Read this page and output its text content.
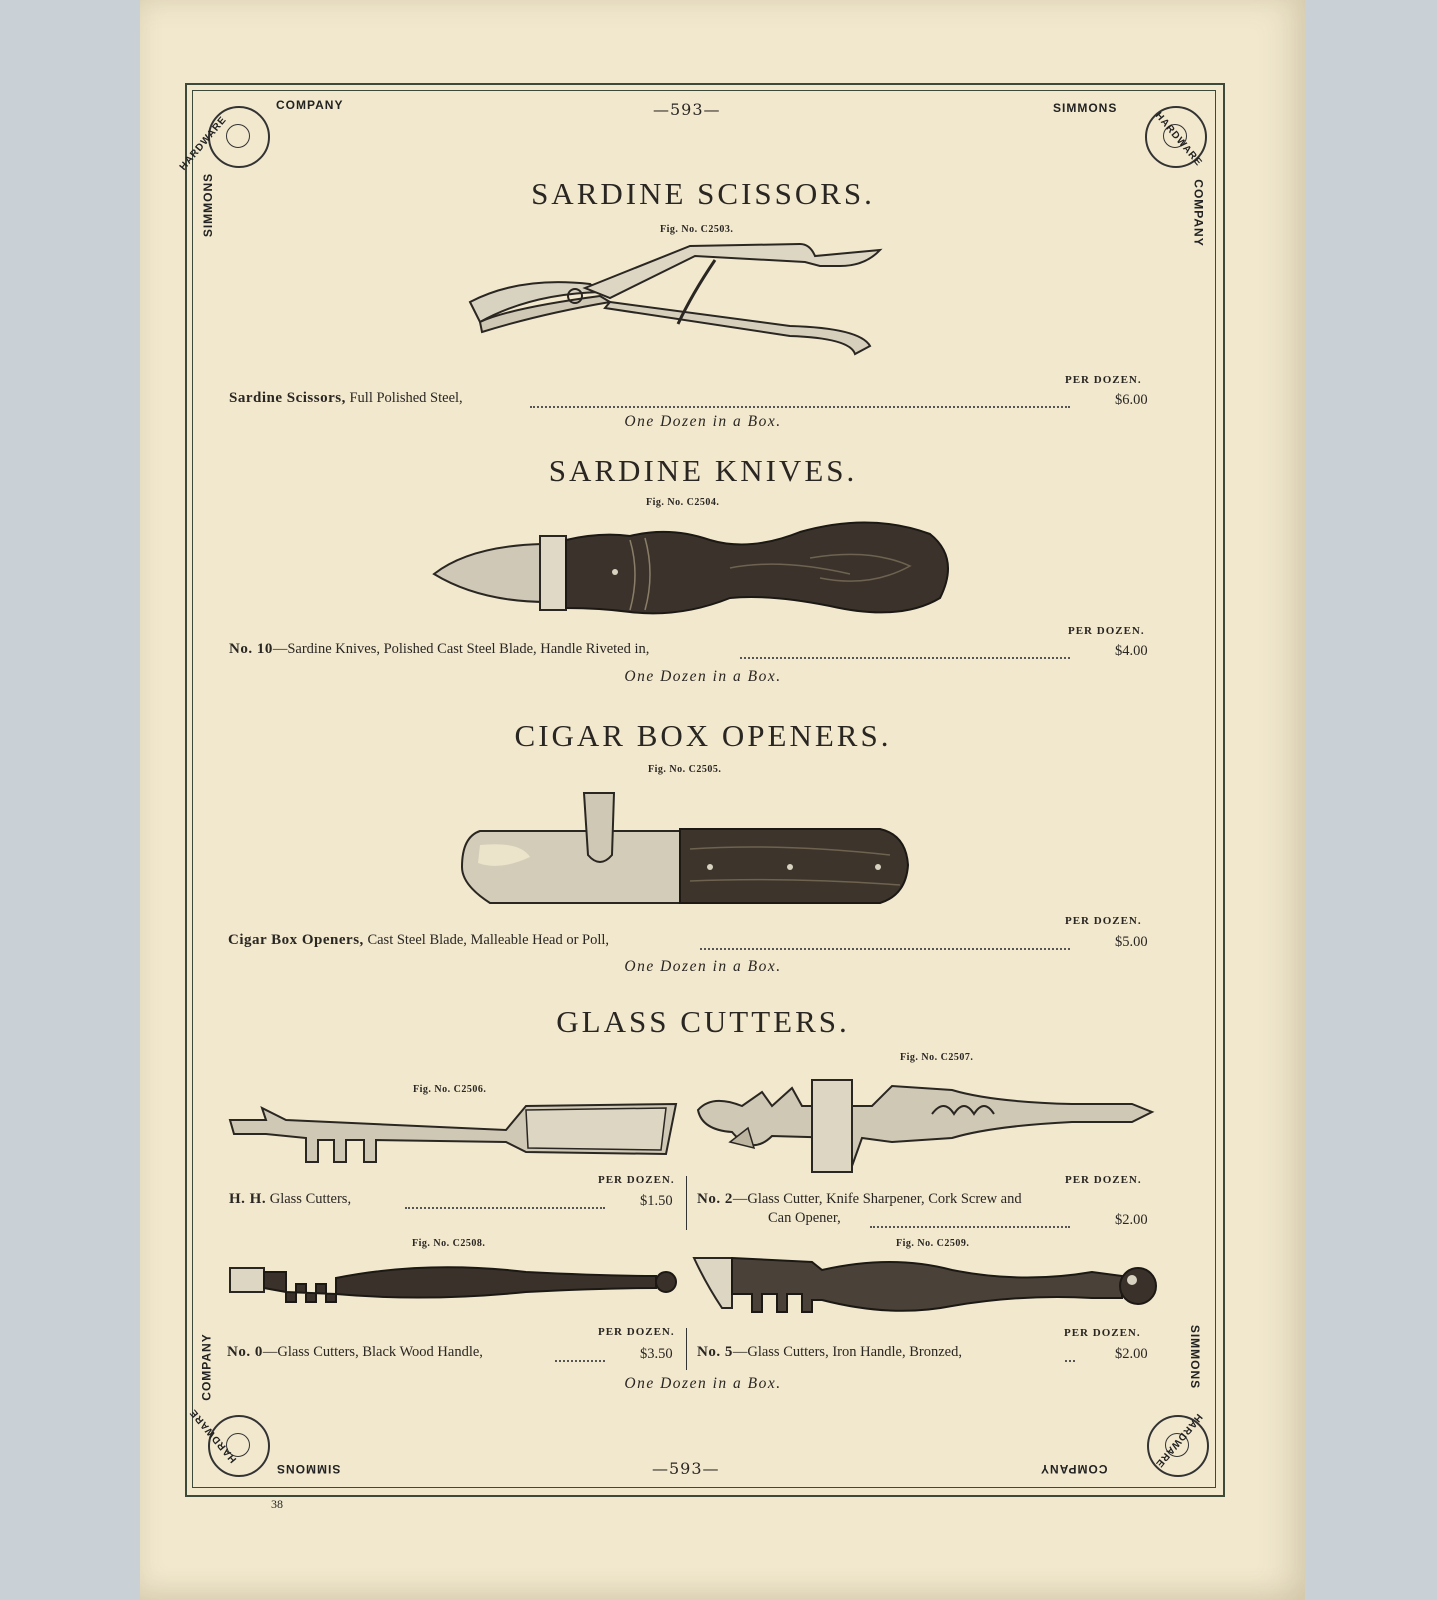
COMPANY
HARDWARE
SIMMONS
SIMMONS
HARDWARE
COMPANY
COMPANY
HARDWARE
SIMMONS
SIMMONS
HARDWARE
COMPANY
—593—
—593—
38
SARDINE SCISSORS.
Fig. No. C2503.
PER DOZEN.
Sardine Scissors, Full Polished Steel,	$6.00
One Dozen in a Box.
SARDINE KNIVES.
Fig. No. C2504.
PER DOZEN.
No. 10—Sardine Knives, Polished Cast Steel Blade, Handle Riveted in,	$4.00
One Dozen in a Box.
CIGAR BOX OPENERS.
Fig. No. C2505.
PER DOZEN.
Cigar Box Openers, Cast Steel Blade, Malleable Head or Poll,	$5.00
One Dozen in a Box.
GLASS CUTTERS.
Fig. No. C2506.
PER DOZEN.
H. H. Glass Cutters,	$1.50
Fig. No. C2507.
PER DOZEN.
No. 2—Glass Cutter, Knife Sharpener, Cork Screw and
Can Opener,	$2.00
Fig. No. C2508.
PER DOZEN.
No. 0—Glass Cutters, Black Wood Handle,	$3.50
Fig. No. C2509.
PER DOZEN.
No. 5—Glass Cutters, Iron Handle, Bronzed,	$2.00
One Dozen in a Box.
